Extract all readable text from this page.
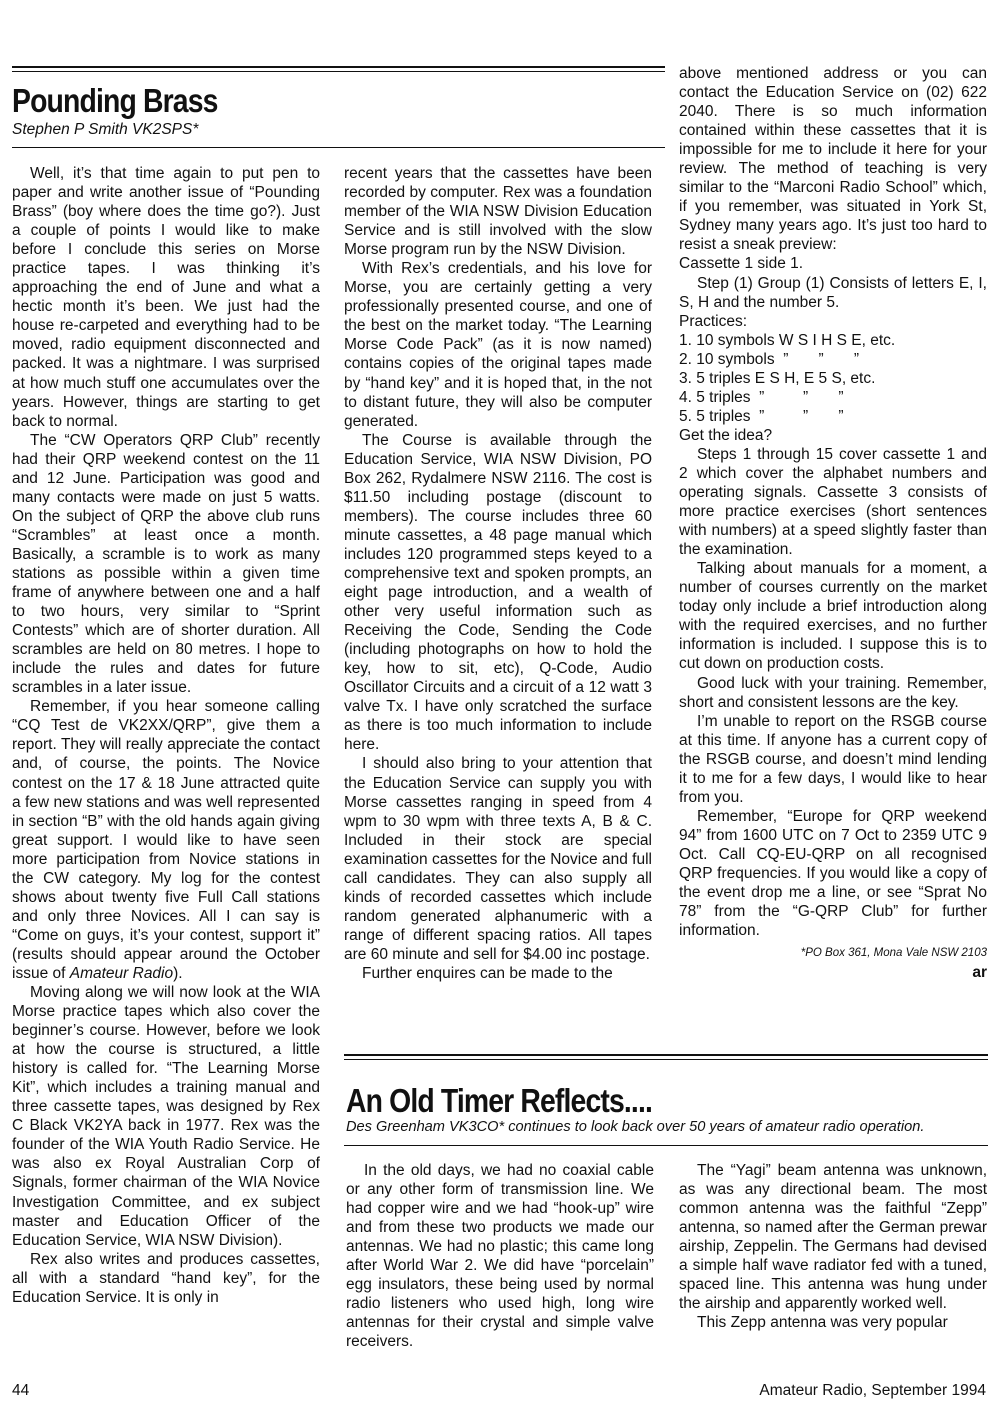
Pounding Brass

Stephen P Smith VK2SPS*

Well, it’s that time again to put pen to paper and write another issue of “Pounding Brass” (boy where does the time go?). Just a couple of points I would like to make before I conclude this series on Morse practice tapes. I was thinking it’s approaching the end of June and what a hectic month it’s been. We just had the house re-carpeted and everything had to be moved, radio equipment disconnected and packed. It was a nightmare. I was surprised at how much stuff one accumulates over the years. However, things are starting to get back to normal.

The “CW Operators QRP Club” recently had their QRP weekend contest on the 11 and 12 June. Participation was good and many contacts were made on just 5 watts. On the subject of QRP the above club runs “Scrambles” at least once a month. Basically, a scramble is to work as many stations as possible within a given time frame of anywhere between one and a half to two hours, very similar to “Sprint Contests” which are of shorter duration. All scrambles are held on 80 metres. I hope to include the rules and dates for future scrambles in a later issue.

Remember, if you hear someone calling “CQ Test de VK2XX/QRP”, give them a report. They will really appreciate the contact and, of course, the points. The Novice contest on the 17 & 18 June attracted quite a few new stations and was well represented in section “B” with the old hands again giving great support. I would like to have seen more participation from Novice stations in the CW category. My log for the contest shows about twenty five Full Call stations and only three Novices. All I can say is “Come on guys, it’s your contest, support it” (results should appear around the October issue of Amateur Radio).

Moving along we will now look at the WIA Morse practice tapes which also cover the beginner’s course. However, before we look at how the course is structured, a little history is called for. “The Learning Morse Kit”, which includes a training manual and three cassette tapes, was designed by Rex C Black VK2YA back in 1977. Rex was the founder of the WIA Youth Radio Service. He was also ex Royal Australian Corp of Signals, former chairman of the WIA Novice Investigation Committee, and ex subject master and Education Officer of the Education Service, WIA NSW Division).

Rex also writes and produces cassettes, all with a standard “hand key”, for the Education Service. It is only in

recent years that the cassettes have been recorded by computer. Rex was a foundation member of the WIA NSW Division Education Service and is still involved with the slow Morse program run by the NSW Division.

With Rex’s credentials, and his love for Morse, you are certainly getting a very professionally presented course, and one of the best on the market today. “The Learning Morse Code Pack” (as it is now named) contains copies of the original tapes made by “hand key” and it is hoped that, in the not to distant future, they will also be computer generated.

The Course is available through the Education Service, WIA NSW Division, PO Box 262, Rydalmere NSW 2116. The cost is $11.50 including postage (discount to members). The course includes three 60 minute cassettes, a 48 page manual which includes 120 programmed steps keyed to a comprehensive text and spoken prompts, an eight page introduction, and a wealth of other very useful information such as Receiving the Code, Sending the Code (including photographs on how to hold the key, how to sit, etc), Q-Code, Audio Oscillator Circuits and a circuit of a 12 watt 3 valve Tx. I have only scratched the surface as there is too much information to include here.

I should also bring to your attention that the Education Service can supply you with Morse cassettes ranging in speed from 4 wpm to 30 wpm with three texts A, B & C. Included in their stock are special examination cassettes for the Novice and full call candidates. They can also supply all kinds of recorded cassettes which include random generated alphanumeric with a range of different spacing ratios. All tapes are 60 minute and sell for $4.00 inc postage.

Further enquires can be made to the

above mentioned address or you can contact the Education Service on (02) 622 2040. There is so much information contained within these cassettes that it is impossible for me to include it here for your review. The method of teaching is very similar to the “Marconi Radio School” which, if you remember, was situated in York St, Sydney many years ago. It’s just too hard to resist a sneak preview:

Cassette 1 side 1.

Step (1) Group (1) Consists of letters E, I, S, H and the number 5.

Practices:

1. 10 symbols W S I H S E, etc.

2. 10 symbols  ”       ”       ”

3. 5 triples E S H, E 5 S, etc.

4. 5 triples  ”         ”       ”

5. 5 triples  ”         ”       ”

Get the idea?

Steps 1 through 15 cover cassette 1 and 2 which cover the alphabet numbers and operating signals. Cassette 3 consists of more practice exercises (short sentences with numbers) at a speed slightly faster than the examination.

Talking about manuals for a moment, a number of courses currently on the market today only include a brief introduction along with the required exercises, and no further information is included. I suppose this is to cut down on production costs.

Good luck with your training. Remember, short and consistent lessons are the key.

I’m unable to report on the RSGB course at this time. If anyone has a current copy of the RSGB course, and doesn’t mind lending it to me for a few days, I would like to hear from you.

Remember, “Europe for QRP weekend 94” from 1600 UTC on 7 Oct to 2359 UTC 9 Oct. Call CQ-EU-QRP on all recognised QRP frequencies. If you would like a copy of the event drop me a line, or see “Sprat No 78” from the “G-QRP Club” for further information.

*PO Box 361, Mona Vale NSW 2103

ar

An Old Timer Reflects....

Des Greenham VK3CO* continues to look back over 50 years of amateur radio operation.

In the old days, we had no coaxial cable or any other form of transmission line. We had copper wire and we had “hook-up” wire and from these two products we made our antennas. We had no plastic; this came long after World War 2. We did have “porcelain” egg insulators, these being used by normal radio listeners who used high, long wire antennas for their crystal and simple valve receivers.

The “Yagi” beam antenna was unknown, as was any directional beam. The most common antenna was the faithful “Zepp” antenna, so named after the German prewar airship, Zeppelin. The Germans had devised a simple half wave radiator fed with a tuned, spaced line. This antenna was hung under the airship and apparently worked well.

This Zepp antenna was very popular

44	Amateur Radio, September 1994
